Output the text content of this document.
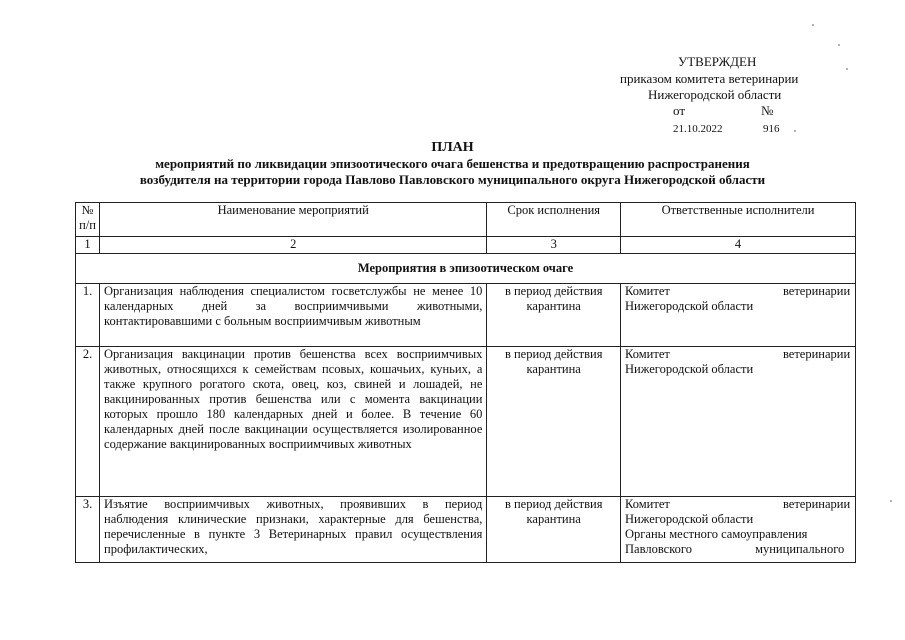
УТВЕРЖДЕН
приказом комитета ветеринарии
Нижегородской области
от	№
21.10.2022	916
ПЛАН
мероприятий по ликвидации эпизоотического очага бешенства и предотвращению распространения
возбудителя на территории города Павлово Павловского муниципального округа Нижегородской области
№ п/п	Наименование мероприятий	Срок исполнения	Ответственные исполнители
1	2	3	4
Мероприятия в эпизоотическом очаге			
1.	Организация наблюдения специалистом госветслужбы не менее 10 календарных дней за восприимчивыми животными, контактировавшими с больным восприимчивым животным	в период действия карантина	Комитет ветеринарии
Нижегородской области

2.	Организация вакцинации против бешенства всех восприимчивых животных, относящихся к семействам псовых, кошачьих, куньих, а также крупного рогатого скота, овец, коз, свиней и лошадей, не вакцинированных против бешенства или с момента вакцинации которых прошло 180 календарных дней и более. В течение 60 календарных дней после вакцинации осуществляется изолированное содержание вакцинированных восприимчивых животных	в период действия карантина	Комитет ветеринарии
Нижегородской области

3.	Изъятие восприимчивых животных, проявивших в период наблюдения клинические признаки, характерные для бешенства, перечисленные в пункте 3 Ветеринарных правил осуществления профилактических,	в период действия карантина	Комитет ветеринарии
Нижегородской области
Органы местного самоуправления
Павловского муниципального
